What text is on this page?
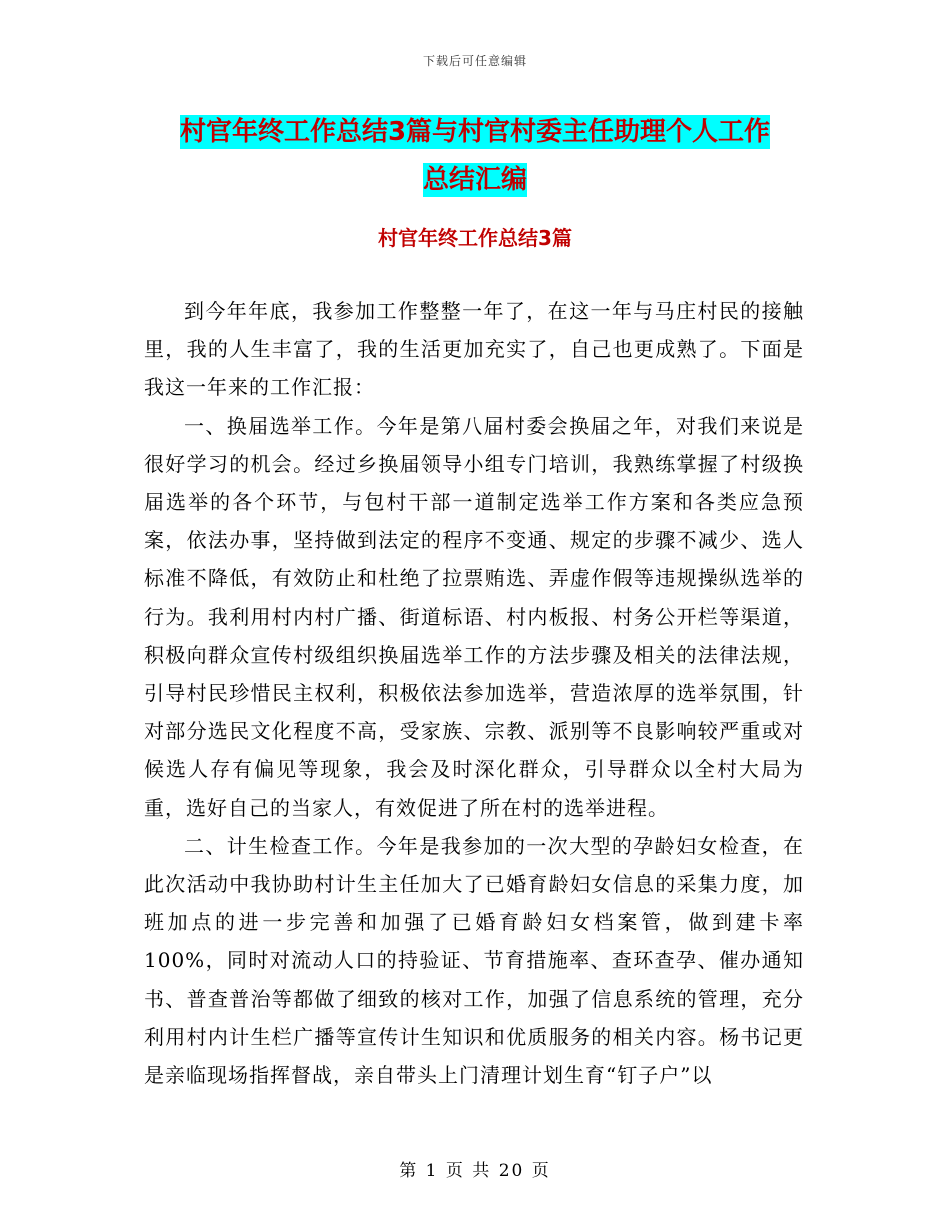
下载后可任意编辑
村官年终工作总结3篇与村官村委主任助理个人工作
总结汇编
村官年终工作总结3篇

到今年年底，我参加工作整整一年了，在这一年与马庄村民的接触里，我的人生丰富了，我的生活更加充实了，自己也更成熟了。下面是我这一年来的工作汇报：

一、换届选举工作。今年是第八届村委会换届之年，对我们来说是很好学习的机会。经过乡换届领导小组专门培训，我熟练掌握了村级换届选举的各个环节，与包村干部一道制定选举工作方案和各类应急预案，依法办事，坚持做到法定的程序不变通、规定的步骤不减少、选人标准不降低，有效防止和杜绝了拉票贿选、弄虚作假等违规操纵选举的行为。我利用村内村广播、街道标语、村内板报、村务公开栏等渠道，积极向群众宣传村级组织换届选举工作的方法步骤及相关的法律法规，引导村民珍惜民主权利，积极依法参加选举，营造浓厚的选举氛围，针对部分选民文化程度不高，受家族、宗教、派别等不良影响较严重或对候选人存有偏见等现象，我会及时深化群众，引导群众以全村大局为重，选好自己的当家人，有效促进了所在村的选举进程。

二、计生检查工作。今年是我参加的一次大型的孕龄妇女检查，在此次活动中我协助村计生主任加大了已婚育龄妇女信息的采集力度，加班加点的进一步完善和加强了已婚育龄妇女档案管，做到建卡率100%，同时对流动人口的持验证、节育措施率、查环查孕、催办通知书、普查普治等都做了细致的核对工作，加强了信息系统的管理，充分利用村内计生栏广播等宣传计生知识和优质服务的相关内容。杨书记更是亲临现场指挥督战，亲自带头上门清理计划生育“钉子户”以

第 1 页 共 20 页
